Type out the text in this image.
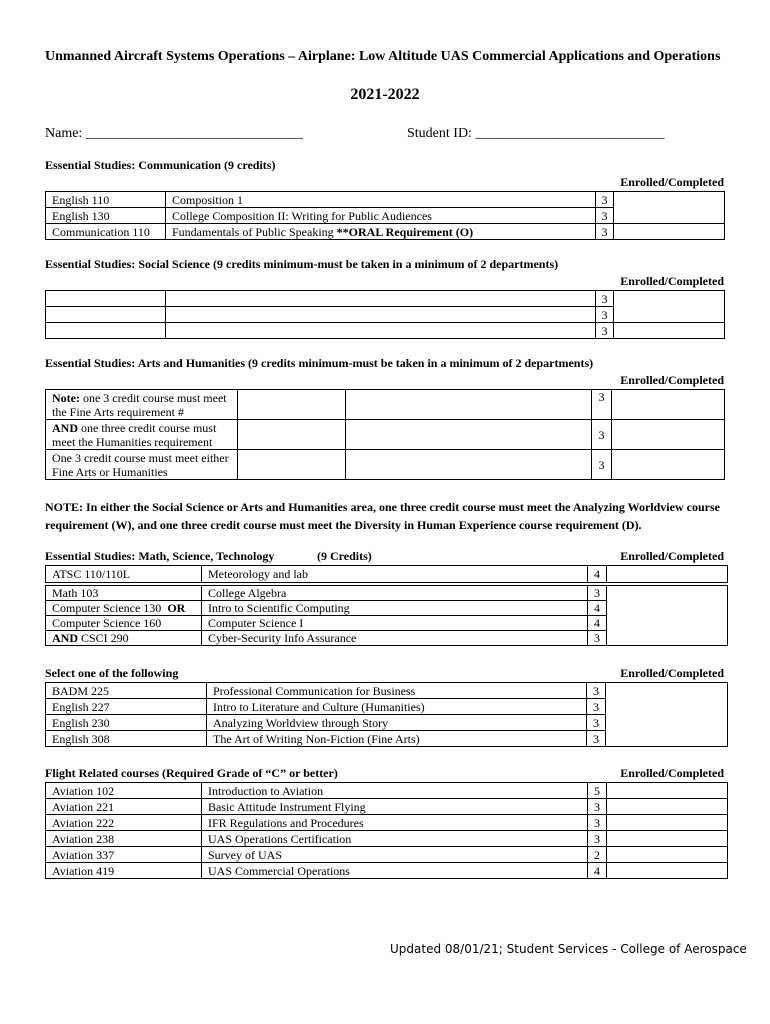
Unmanned Aircraft Systems Operations – Airplane: Low Altitude UAS Commercial Applications and Operations
2021-2022
Name: _______________________________	Student ID: ___________________________
Essential Studies: Communication (9 credits)
Enrolled/Completed
English 110	Composition 1	3	
English 130	College Composition II: Writing for Public Audiences	3	
Communication 110	Fundamentals of Public Speaking **ORAL Requirement (O)	3	
Essential Studies: Social Science (9 credits minimum-must be taken in a minimum of 2 departments)
Enrolled/Completed
		3	
		3	
		3	
Essential Studies: Arts and Humanities (9 credits minimum-must be taken in a minimum of 2 departments)
Enrolled/Completed
Note: one 3 credit course must meet the Fine Arts requirement #			3	
AND one three credit course must meet the Humanities requirement			3	
One 3 credit course must meet either Fine Arts or Humanities			3	
NOTE: In either the Social Science or Arts and Humanities area, one three credit course must meet the Analyzing Worldview course requirement (W), and one three credit course must meet the Diversity in Human Experience course requirement (D).
Essential Studies: Math, Science, Technology	(9 Credits)	Enrolled/Completed
ATSC 110/110L	Meteorology and lab	4	
Math 103	College Algebra	3	
Computer Science 130  OR	Intro to Scientific Computing	4	
Computer Science 160	Computer Science I	4	
AND CSCI 290	Cyber-Security Info Assurance	3	
Select one of the following	Enrolled/Completed
BADM 225	Professional Communication for Business	3	
English 227	Intro to Literature and Culture (Humanities)	3	
English 230	Analyzing Worldview through Story	3	
English 308	The Art of Writing Non-Fiction (Fine Arts)	3	
Flight Related courses (Required Grade of “C” or better)	Enrolled/Completed
Aviation 102	Introduction to Aviation	5	
Aviation 221	Basic Attitude Instrument Flying	3	
Aviation 222	IFR Regulations and Procedures	3	
Aviation 238	UAS Operations Certification	3	
Aviation 337	Survey of UAS	2	
Aviation 419	UAS Commercial Operations	4	
Updated 08/01/21; Student Services - College of Aerospace
